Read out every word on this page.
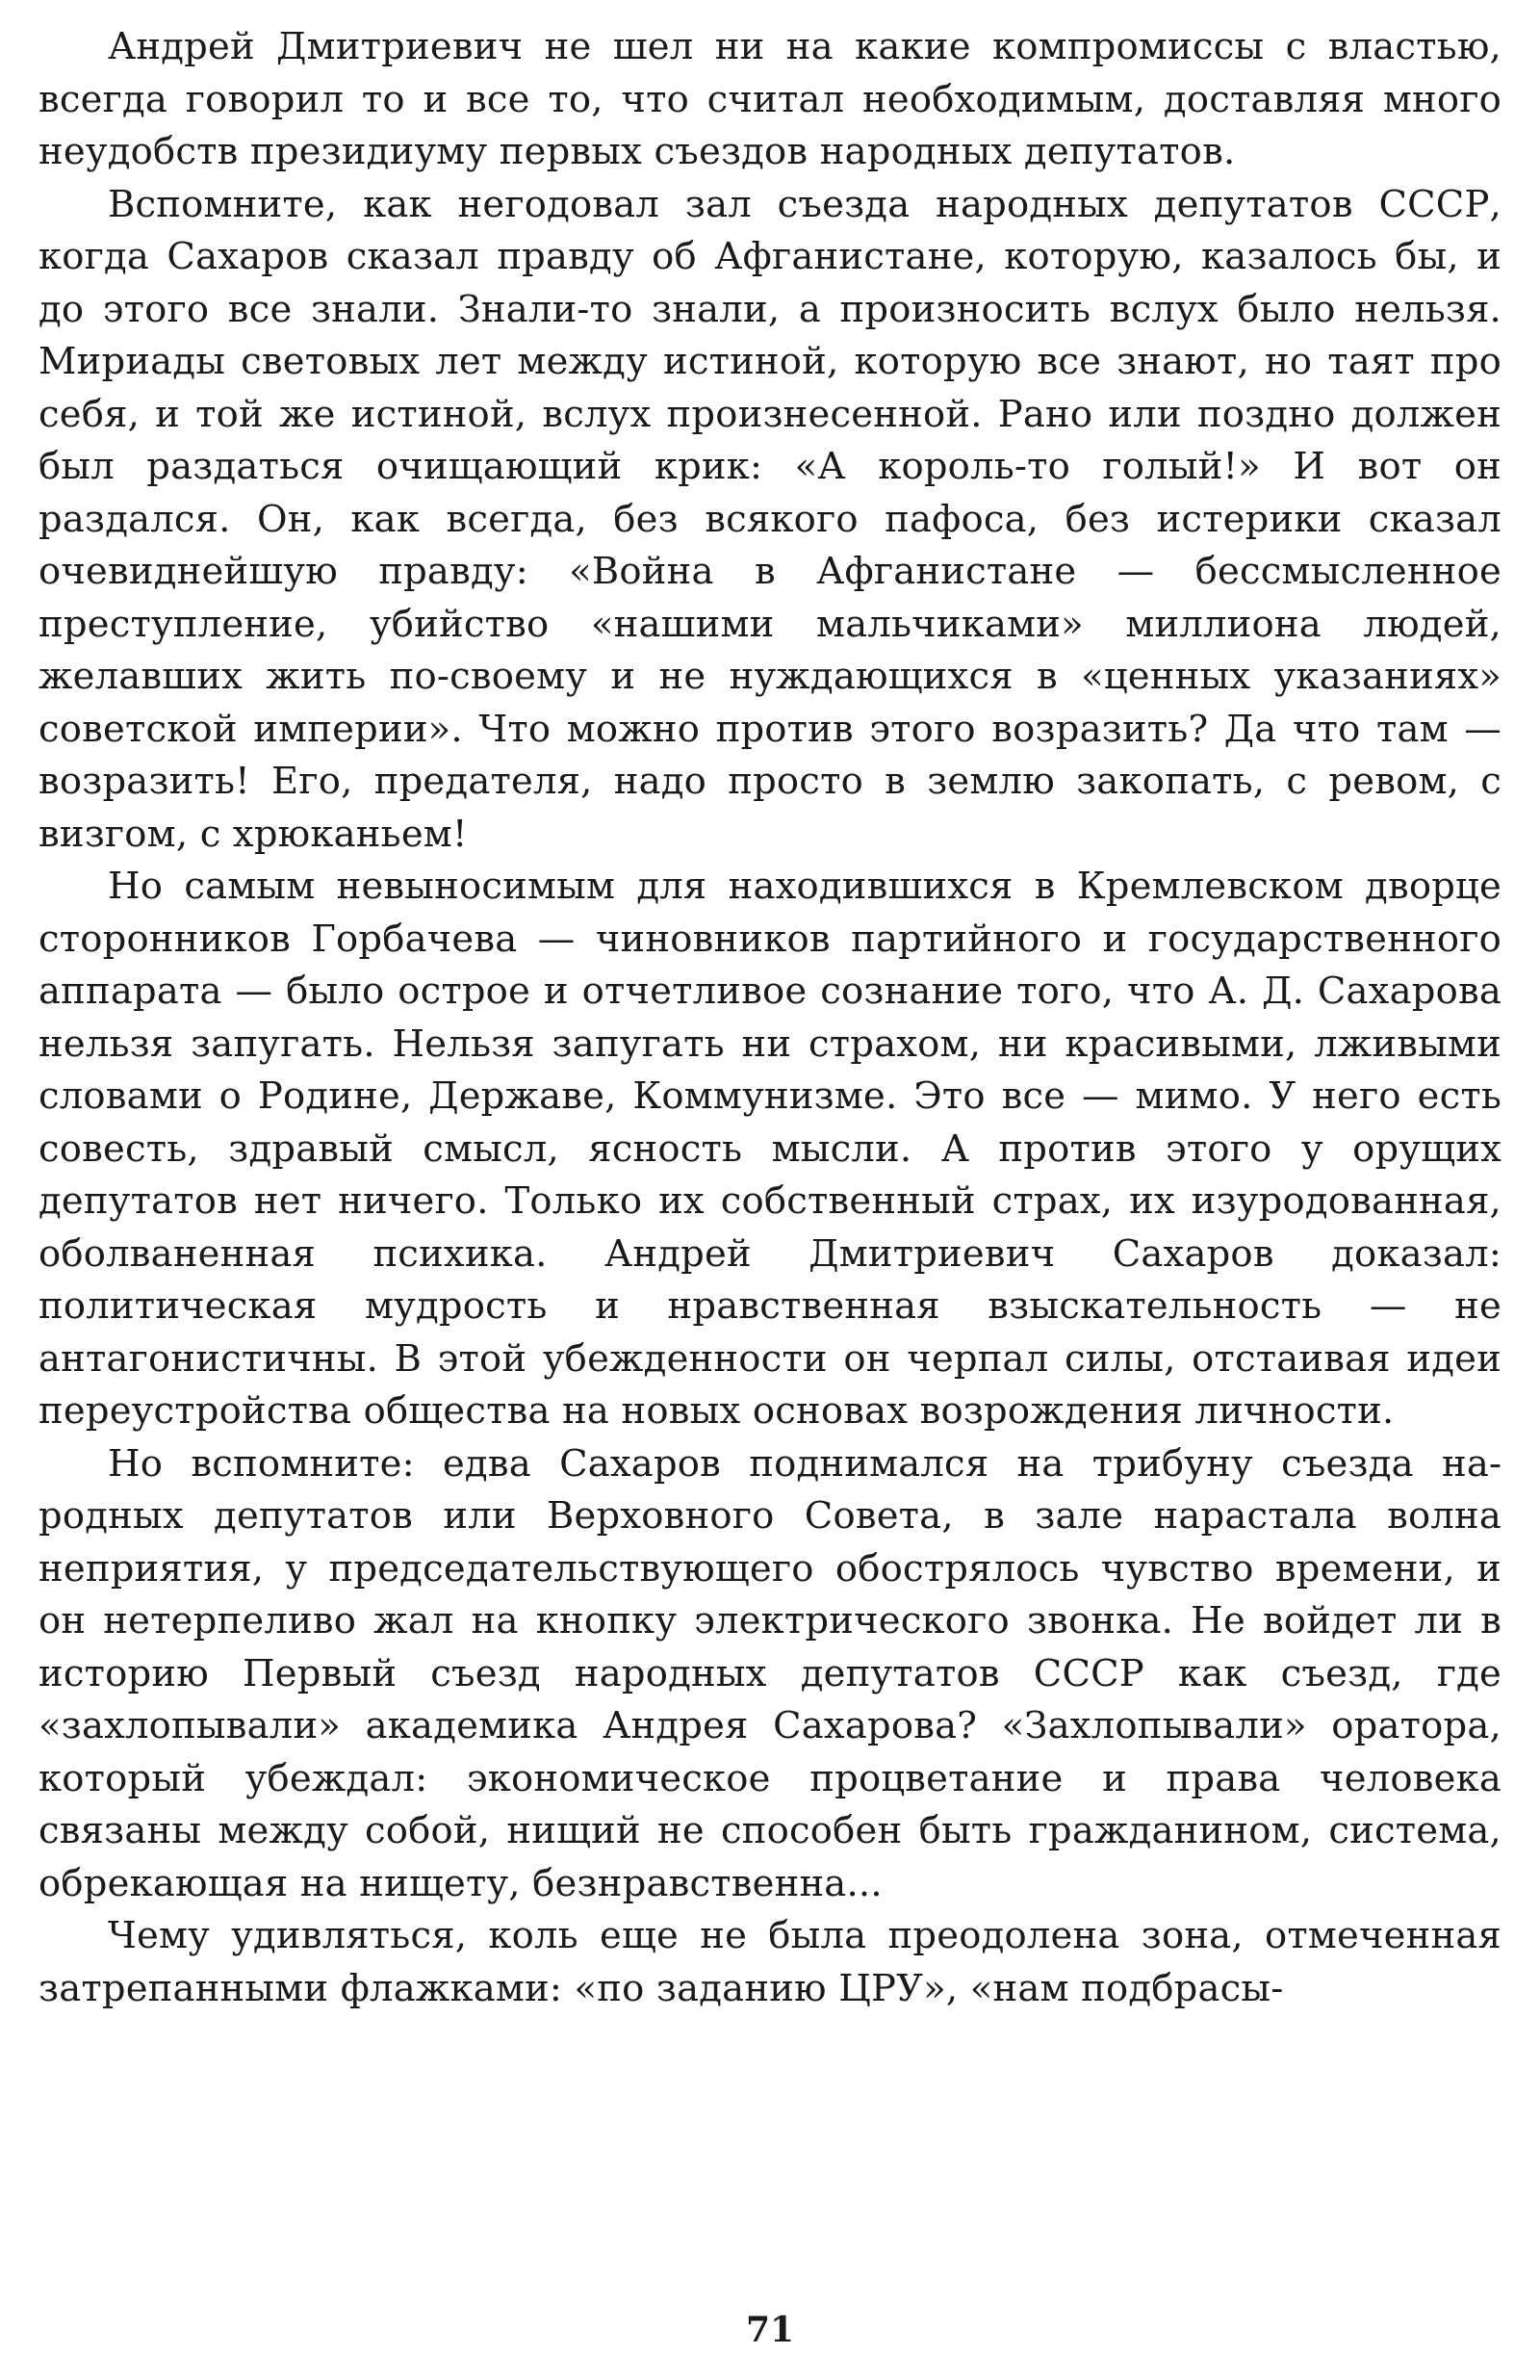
Андрей Дмитриевич не шел ни на какие компромиссы с властью, всегда говорил то и все то, что считал необходимым, доставляя много неудобств президиуму первых съездов народных депутатов.

Вспомните, как негодовал зал съезда народных депутатов СССР, когда Сахаров сказал правду об Афганистане, которую, казалось бы, и до этого все знали. Знали-то знали, а произносить вслух было нельзя. Мириады световых лет между истиной, которую все знают, но таят про себя, и той же истиной, вслух произнесенной. Рано или поздно должен был раздаться очищающий крик: «А король-то голый!» И вот он раздался. Он, как всегда, без всякого пафоса, без истерики сказал очевиднейшую правду: «Война в Афганистане — бессмысленное преступление, убийство «нашими мальчиками» миллиона людей, желавших жить по-своему и не нуждающихся в «ценных указаниях» советской империи». Что можно против этого возразить? Да что там — возразить! Его, предателя, надо просто в землю закопать, с ревом, с визгом, с хрюканьем!

Но самым невыносимым для находившихся в Кремлевском дворце сторонников Горбачева — чиновников партийного и государственного аппарата — было острое и отчетливое сознание того, что А. Д. Сахарова нельзя запугать. Нельзя запугать ни страхом, ни красивыми, лживыми словами о Родине, Державе, Коммунизме. Это все — мимо. У него есть совесть, здравый смысл, ясность мысли. А против этого у орущих депутатов нет ничего. Только их собственный страх, их изуродованная, оболваненная психика. Андрей Дмитриевич Сахаров доказал: политическая мудрость и нравственная взыскательность — не антагонистичны. В этой убежденности он черпал силы, отстаивая идеи переустройства общества на новых основах возрождения личности.

Но вспомните: едва Сахаров поднимался на трибуну съезда народных депутатов или Верховного Совета, в зале нарастала волна неприятия, у председательствующего обострялось чувство времени, и он нетерпеливо жал на кнопку электрического звонка. Не войдет ли в историю Первый съезд народных депутатов СССР как съезд, где «захлопывали» академика Андрея Сахарова? «Захлопывали» оратора, который убеждал: экономическое процветание и права человека связаны между собой, нищий не способен быть гражданином, система, обрекающая на нищету, безнравственна...

Чему удивляться, коль еще не была преодолена зона, отмеченная затрепанными флажками: «по заданию ЦРУ», «нам подбрасы-

71
